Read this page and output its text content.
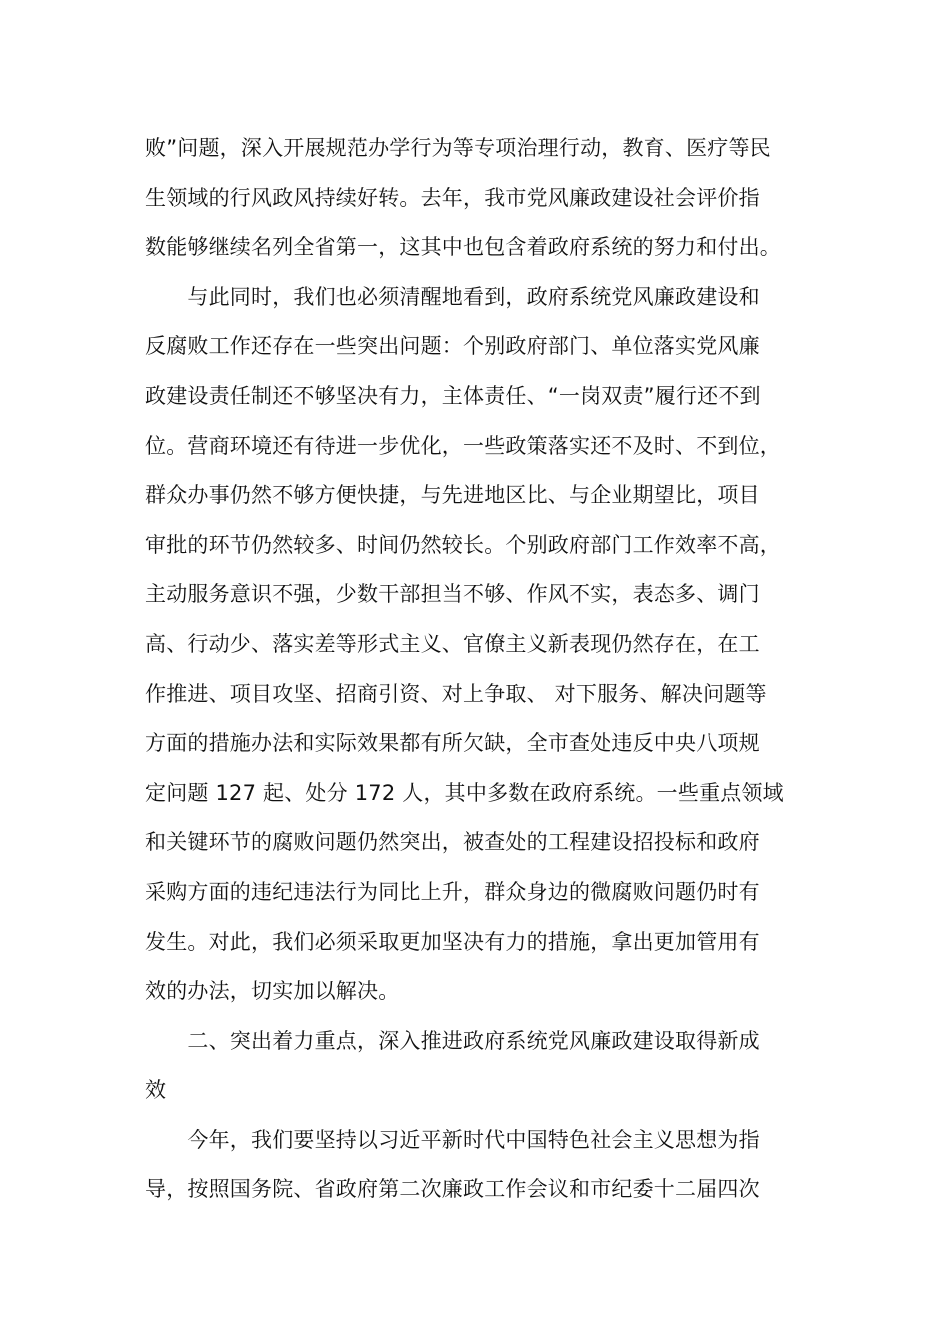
败”问题，深入开展规范办学行为等专项治理行动，教育、医疗等民
生领域的行风政风持续好转。去年，我市党风廉政建设社会评价指
数能够继续名列全省第一，这其中也包含着政府系统的努力和付出。
　　与此同时，我们也必须清醒地看到，政府系统党风廉政建设和
反腐败工作还存在一些突出问题：个别政府部门、单位落实党风廉
政建设责任制还不够坚决有力，主体责任、“一岗双责”履行还不到
位。营商环境还有待进一步优化，一些政策落实还不及时、不到位，
群众办事仍然不够方便快捷，与先进地区比、与企业期望比，项目
审批的环节仍然较多、时间仍然较长。个别政府部门工作效率不高，
主动服务意识不强，少数干部担当不够、作风不实，表态多、调门
高、行动少、落实差等形式主义、官僚主义新表现仍然存在，在工
作推进、项目攻坚、招商引资、对上争取、 对下服务、解决问题等
方面的措施办法和实际效果都有所欠缺，全市查处违反中央八项规
定问题 127 起、处分 172 人，其中多数在政府系统。一些重点领域
和关键环节的腐败问题仍然突出，被查处的工程建设招投标和政府
采购方面的违纪违法行为同比上升，群众身边的微腐败问题仍时有
发生。对此，我们必须采取更加坚决有力的措施，拿出更加管用有
效的办法，切实加以解决。
　　二、突出着力重点，深入推进政府系统党风廉政建设取得新成
效
　　今年，我们要坚持以习近平新时代中国特色社会主义思想为指
导，按照国务院、省政府第二次廉政工作会议和市纪委十二届四次
